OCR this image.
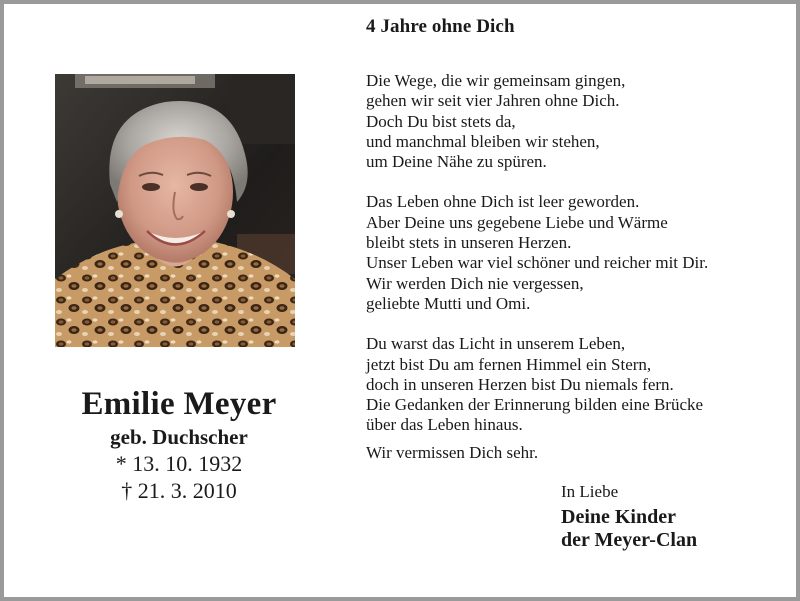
4 Jahre ohne Dich
Emilie Meyer
geb. Duchscher
* 13. 10. 1932
† 21. 3. 2010

Die Wege, die wir gemeinsam gingen,
gehen wir seit vier Jahren ohne Dich.
Doch Du bist stets da,
und manchmal bleiben wir stehen,
um Deine Nähe zu spüren.

Das Leben ohne Dich ist leer geworden.
Aber Deine uns gegebene Liebe und Wärme
bleibt stets in unseren Herzen.
Unser Leben war viel schöner und reicher mit Dir.
Wir werden Dich nie vergessen,
geliebte Mutti und Omi.

Du warst das Licht in unserem Leben,
jetzt bist Du am fernen Himmel ein Stern,
doch in unseren Herzen bist Du niemals fern.
Die Gedanken der Erinnerung bilden eine Brücke
über das Leben hinaus.

Wir vermissen Dich sehr.
In Liebe
Deine Kinder
der Meyer-Clan
